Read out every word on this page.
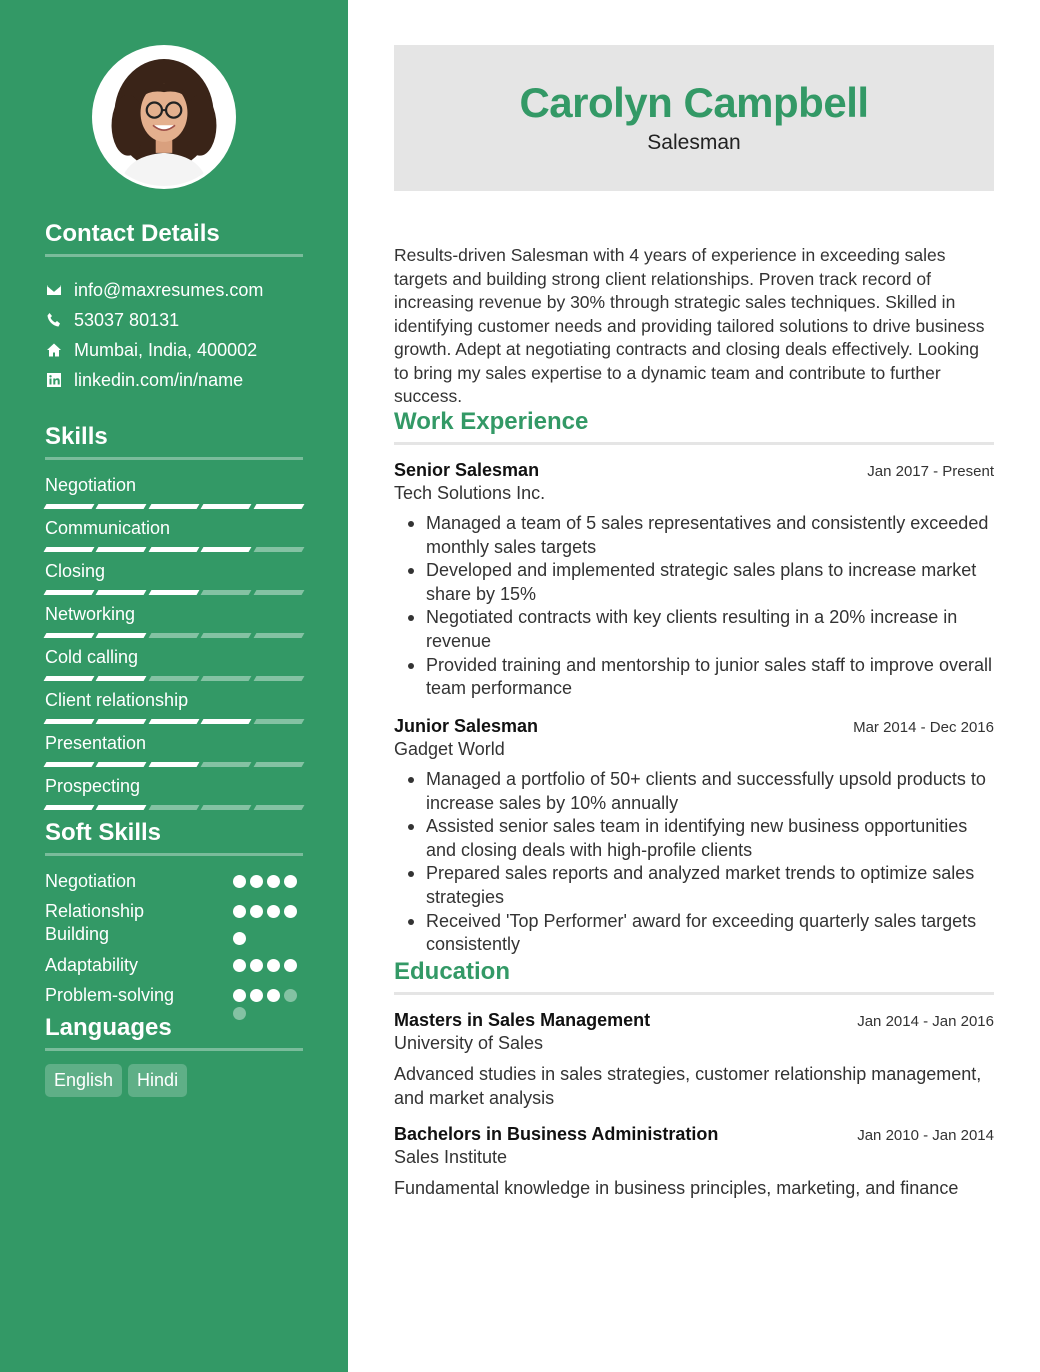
Contact Details
info@maxresumes.com
53037 80131
Mumbai, India, 400002
linkedin.com/in/name
Skills
Negotiation
Communication
Closing
Networking
Cold calling
Client relationship
Presentation
Prospecting
Soft Skills
Negotiation
Relationship Building
Adaptability
Problem-solving
Languages
English	Hindi
Carolyn Campbell
Salesman
Results-driven Salesman with 4 years of experience in exceeding sales targets and building strong client relationships. Proven track record of increasing revenue by 30% through strategic sales techniques. Skilled in identifying customer needs and providing tailored solutions to drive business growth. Adept at negotiating contracts and closing deals effectively. Looking to bring my sales expertise to a dynamic team and contribute to further success.
Work Experience
Senior Salesman	Jan 2017 - Present
Tech Solutions Inc.
Managed a team of 5 sales representatives and consistently exceeded monthly sales targets
Developed and implemented strategic sales plans to increase market share by 15%
Negotiated contracts with key clients resulting in a 20% increase in revenue
Provided training and mentorship to junior sales staff to improve overall team performance
Junior Salesman	Mar 2014 - Dec 2016
Gadget World
Managed a portfolio of 50+ clients and successfully upsold products to increase sales by 10% annually
Assisted senior sales team in identifying new business opportunities and closing deals with high-profile clients
Prepared sales reports and analyzed market trends to optimize sales strategies
Received 'Top Performer' award for exceeding quarterly sales targets consistently
Education
Masters in Sales Management	Jan 2014 - Jan 2016
University of Sales
Advanced studies in sales strategies, customer relationship management, and market analysis
Bachelors in Business Administration	Jan 2010 - Jan 2014
Sales Institute
Fundamental knowledge in business principles, marketing, and finance
